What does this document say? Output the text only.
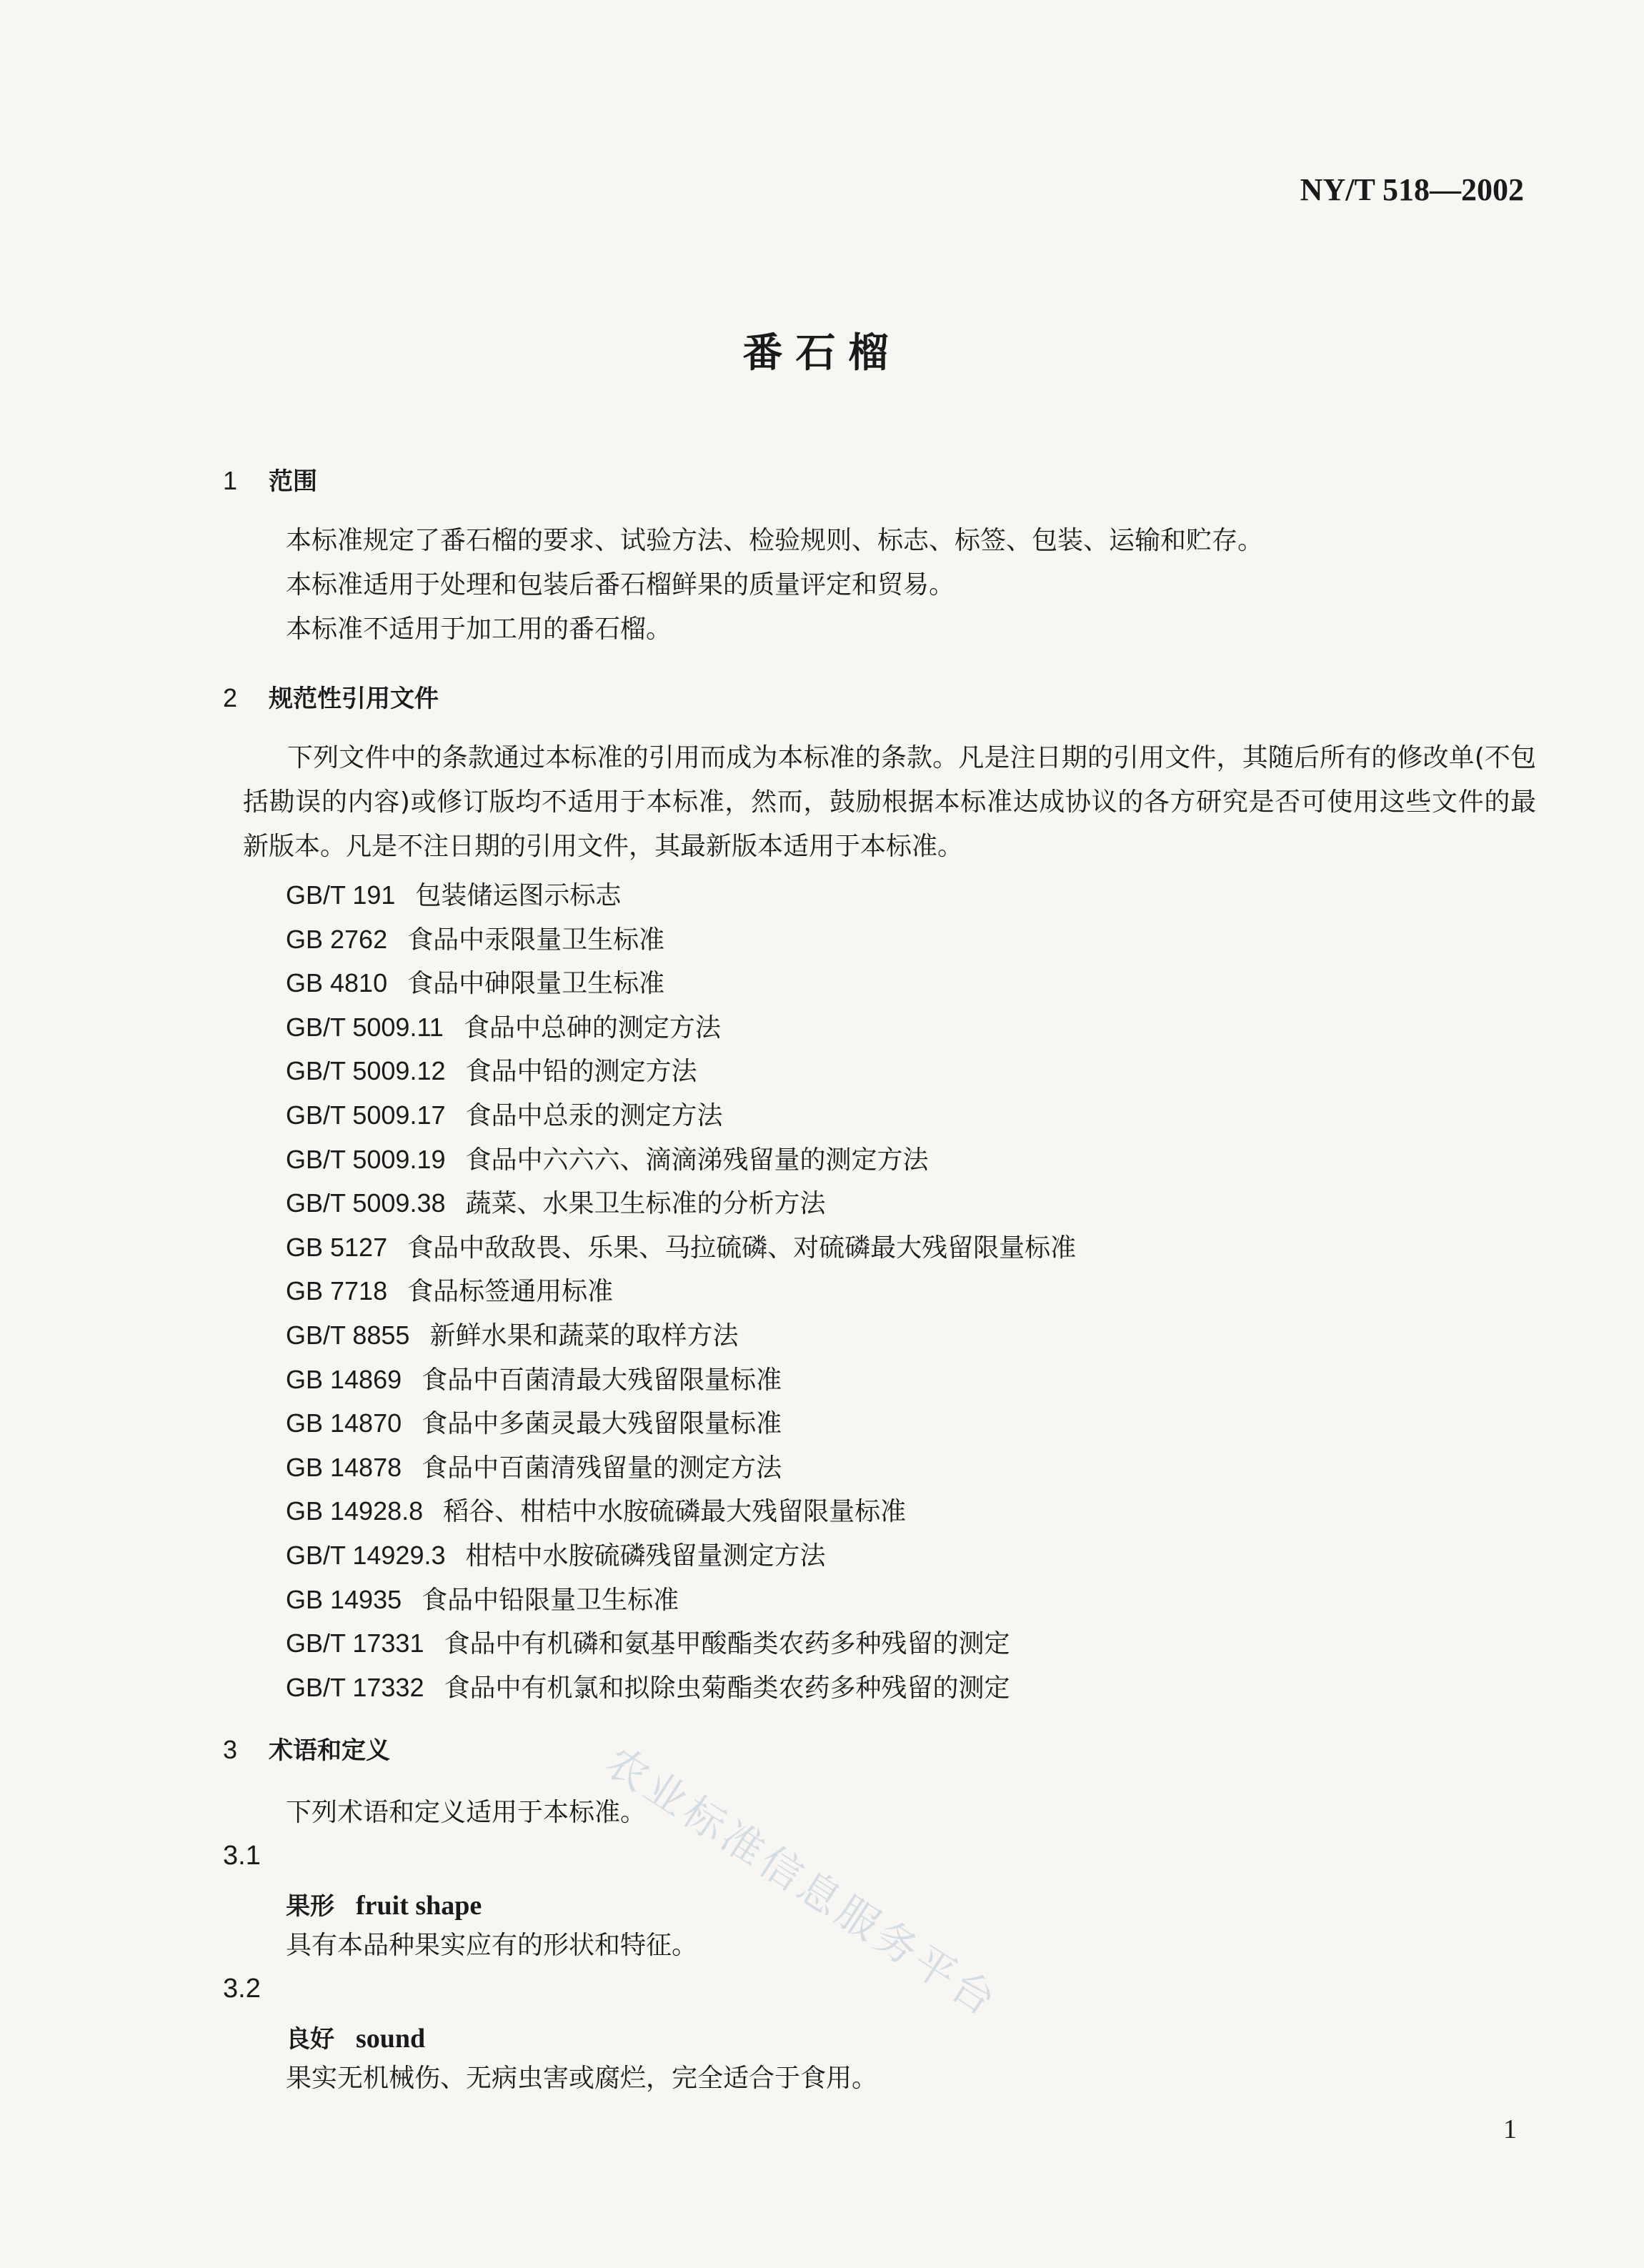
NY/T 518—2002
番石榴
1 范围
本标准规定了番石榴的要求、试验方法、检验规则、标志、标签、包装、运输和贮存。
本标准适用于处理和包装后番石榴鲜果的质量评定和贸易。
本标准不适用于加工用的番石榴。
2 规范性引用文件
下列文件中的条款通过本标准的引用而成为本标准的条款。凡是注日期的引用文件，其随后所有的修改单(不包括勘误的内容)或修订版均不适用于本标准，然而，鼓励根据本标准达成协议的各方研究是否可使用这些文件的最新版本。凡是不注日期的引用文件，其最新版本适用于本标准。
GB/T 191 包装储运图示标志
GB 2762 食品中汞限量卫生标准
GB 4810 食品中砷限量卫生标准
GB/T 5009.11 食品中总砷的测定方法
GB/T 5009.12 食品中铅的测定方法
GB/T 5009.17 食品中总汞的测定方法
GB/T 5009.19 食品中六六六、滴滴涕残留量的测定方法
GB/T 5009.38 蔬菜、水果卫生标准的分析方法
GB 5127 食品中敌敌畏、乐果、马拉硫磷、对硫磷最大残留限量标准
GB 7718 食品标签通用标准
GB/T 8855 新鲜水果和蔬菜的取样方法
GB 14869 食品中百菌清最大残留限量标准
GB 14870 食品中多菌灵最大残留限量标准
GB 14878 食品中百菌清残留量的测定方法
GB 14928.8 稻谷、柑桔中水胺硫磷最大残留限量标准
GB/T 14929.3 柑桔中水胺硫磷残留量测定方法
GB 14935 食品中铅限量卫生标准
GB/T 17331 食品中有机磷和氨基甲酸酯类农药多种残留的测定
GB/T 17332 食品中有机氯和拟除虫菊酯类农药多种残留的测定
3 术语和定义
下列术语和定义适用于本标准。
3.1
果形 fruit shape
具有本品种果实应有的形状和特征。
3.2
良好 sound
果实无机械伤、无病虫害或腐烂，完全适合于食用。
农业标准信息服务平台
1
